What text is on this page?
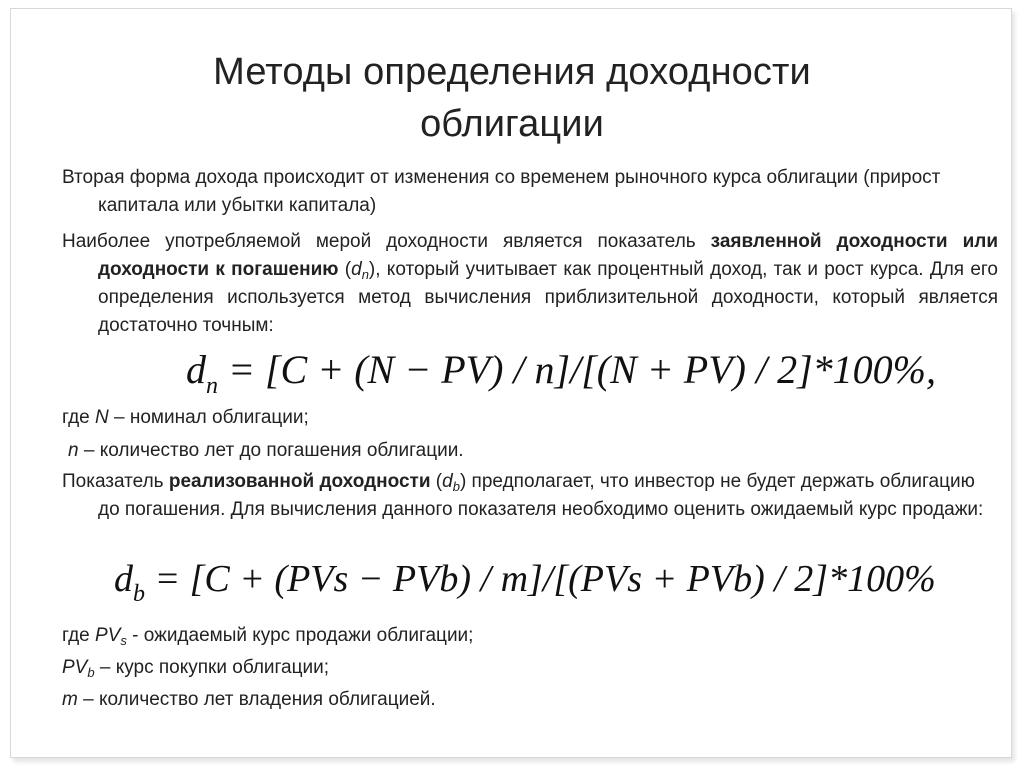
Методы определения доходности
облигации
Вторая форма дохода происходит от изменения со временем рыночного курса облигации (прирост капитала или убытки капитала)
Наиболее употребляемой мерой доходности является показатель заявленной доходности или доходности к погашению $(d_n)$, который учитывает как процентный доход, так и рост курса. Для его определения используется метод вычисления приблизительной доходности, который является достаточно точным:
$d_n = [C + (N - PV) / n]/[(N + PV) / 2]*100\%$,
где N – номинал облигации;
n – количество лет до погашения облигации.
Показатель реализованной доходности $(d_b)$ предполагает, что инвестор не будет держать облигацию до погашения. Для вычисления данного показателя необходимо оценить ожидаемый курс продажи:
$d_b = [C + (PVs - PVb) / m]/[(PVs + PVb) / 2]*100\%$
где $PV_s$ - ожидаемый курс продажи облигации;
$PV_b$ – курс покупки облигации;
m – количество лет владения облигацией.
